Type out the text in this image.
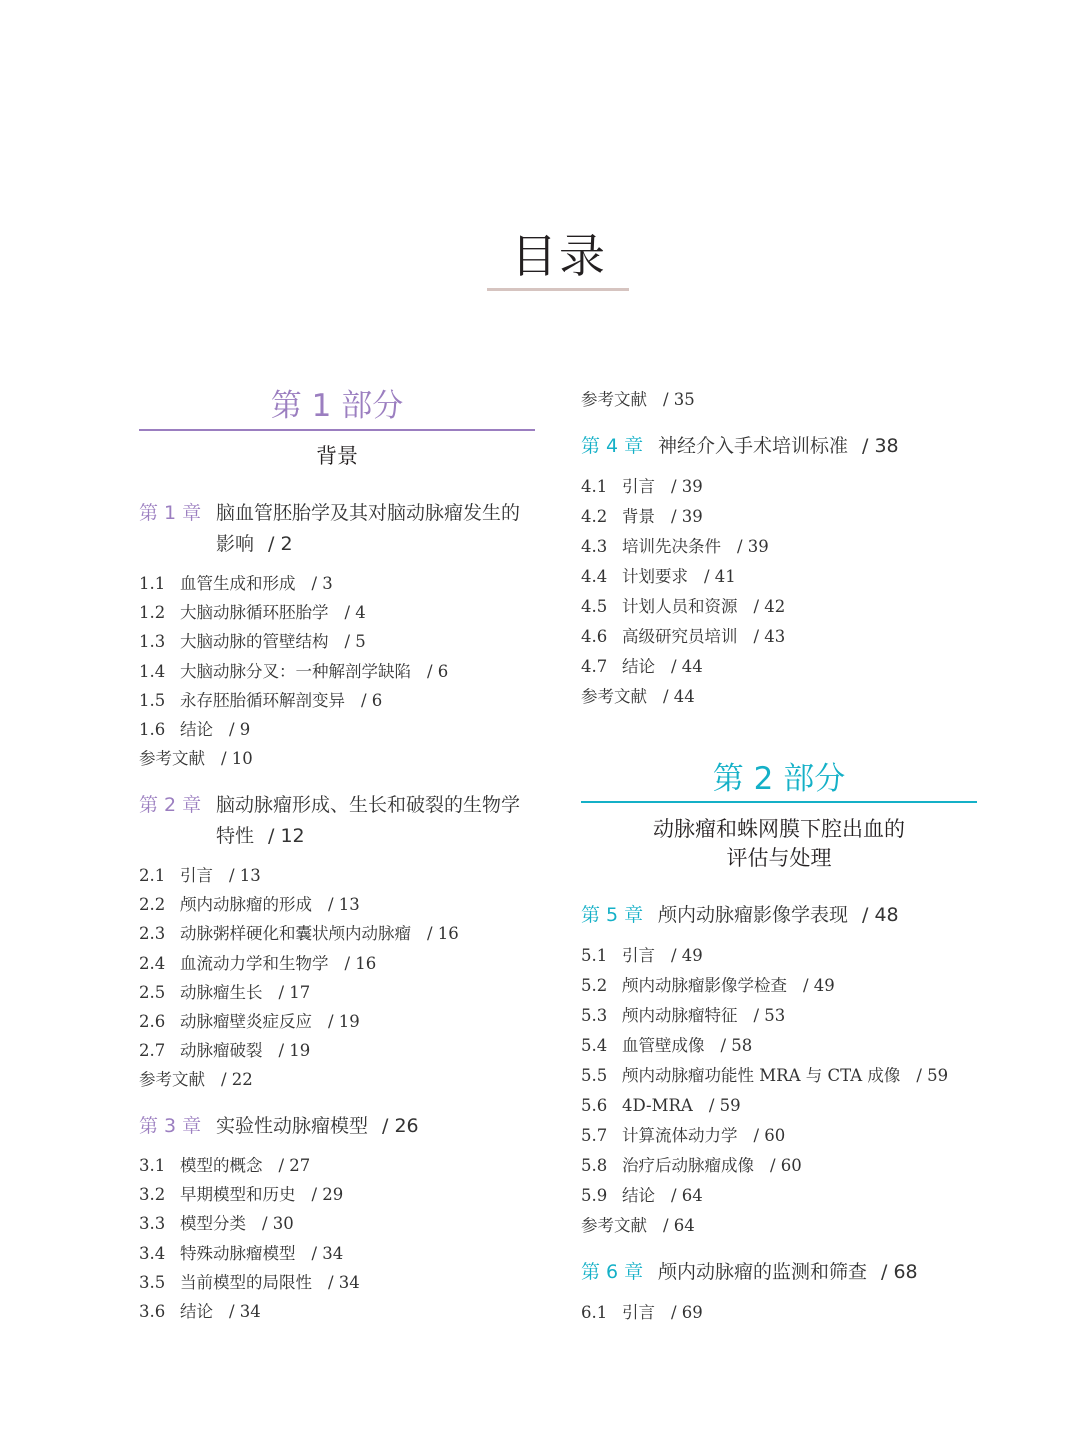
目录
第 1 部分
背景
第 1 章 脑血管胚胎学及其对脑动脉瘤发生的
影响 / 2
1.1 血管生成和形成 / 3
1.2 大脑动脉循环胚胎学 / 4
1.3 大脑动脉的管壁结构 / 5
1.4 大脑动脉分叉：一种解剖学缺陷 / 6
1.5 永存胚胎循环解剖变异 / 6
1.6 结论 / 9
参考文献 / 10
第 2 章 脑动脉瘤形成、生长和破裂的生物学
特性 / 12
2.1 引言 / 13
2.2 颅内动脉瘤的形成 / 13
2.3 动脉粥样硬化和囊状颅内动脉瘤 / 16
2.4 血流动力学和生物学 / 16
2.5 动脉瘤生长 / 17
2.6 动脉瘤壁炎症反应 / 19
2.7 动脉瘤破裂 / 19
参考文献 / 22
第 3 章 实验性动脉瘤模型 / 26
3.1 模型的概念 / 27
3.2 早期模型和历史 / 29
3.3 模型分类 / 30
3.4 特殊动脉瘤模型 / 34
3.5 当前模型的局限性 / 34
3.6 结论 / 34
参考文献 / 35
第 4 章 神经介入手术培训标准 / 38
4.1 引言 / 39
4.2 背景 / 39
4.3 培训先决条件 / 39
4.4 计划要求 / 41
4.5 计划人员和资源 / 42
4.6 高级研究员培训 / 43
4.7 结论 / 44
参考文献 / 44
第 2 部分
动脉瘤和蛛网膜下腔出血的
评估与处理
第 5 章 颅内动脉瘤影像学表现 / 48
5.1 引言 / 49
5.2 颅内动脉瘤影像学检查 / 49
5.3 颅内动脉瘤特征 / 53
5.4 血管壁成像 / 58
5.5 颅内动脉瘤功能性 MRA 与 CTA 成像 / 59
5.6 4D-MRA / 59
5.7 计算流体动力学 / 60
5.8 治疗后动脉瘤成像 / 60
5.9 结论 / 64
参考文献 / 64
第 6 章 颅内动脉瘤的监测和筛查 / 68
6.1 引言 / 69
